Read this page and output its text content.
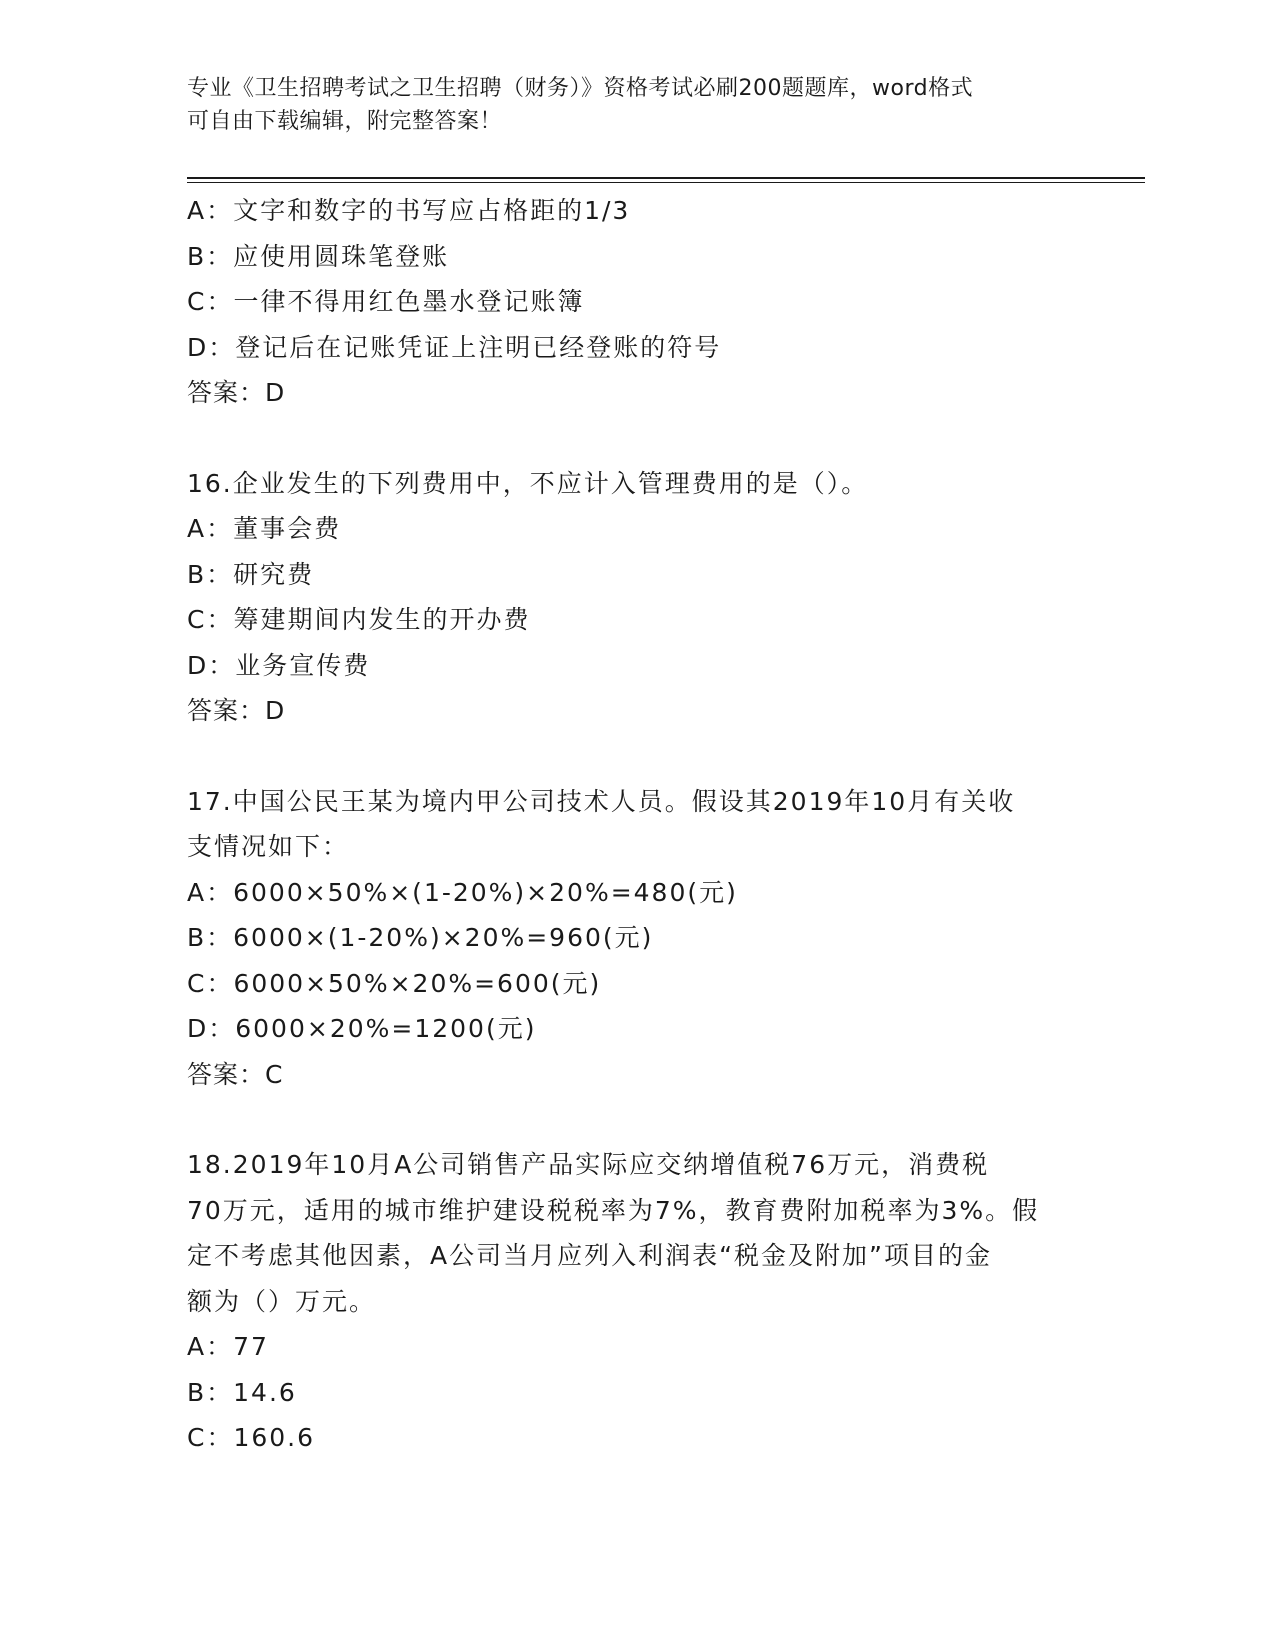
专业《卫生招聘考试之卫生招聘（财务）》资格考试必刷200题题库，word格式
可自由下载编辑，附完整答案！

A：文字和数字的书写应占格距的1/3

B：应使用圆珠笔登账

C：一律不得用红色墨水登记账簿

D：登记后在记账凭证上注明已经登账的符号

答案：D

16.企业发生的下列费用中，不应计入管理费用的是（）。

A：董事会费

B：研究费

C：筹建期间内发生的开办费

D：业务宣传费

答案：D

17.中国公民王某为境内甲公司技术人员。假设其2019年10月有关收

支情况如下：

A：6000×50%×(1-20%)×20%=480(元)

B：6000×(1-20%)×20%=960(元)

C：6000×50%×20%=600(元)

D：6000×20%=1200(元)

答案：C

18.2019年10月A公司销售产品实际应交纳增值税76万元，消费税

70万元，适用的城市维护建设税税率为7%，教育费附加税率为3%。假

定不考虑其他因素，A公司当月应列入利润表“税金及附加”项目的金

额为（）万元。

A：77

B：14.6

C：160.6
